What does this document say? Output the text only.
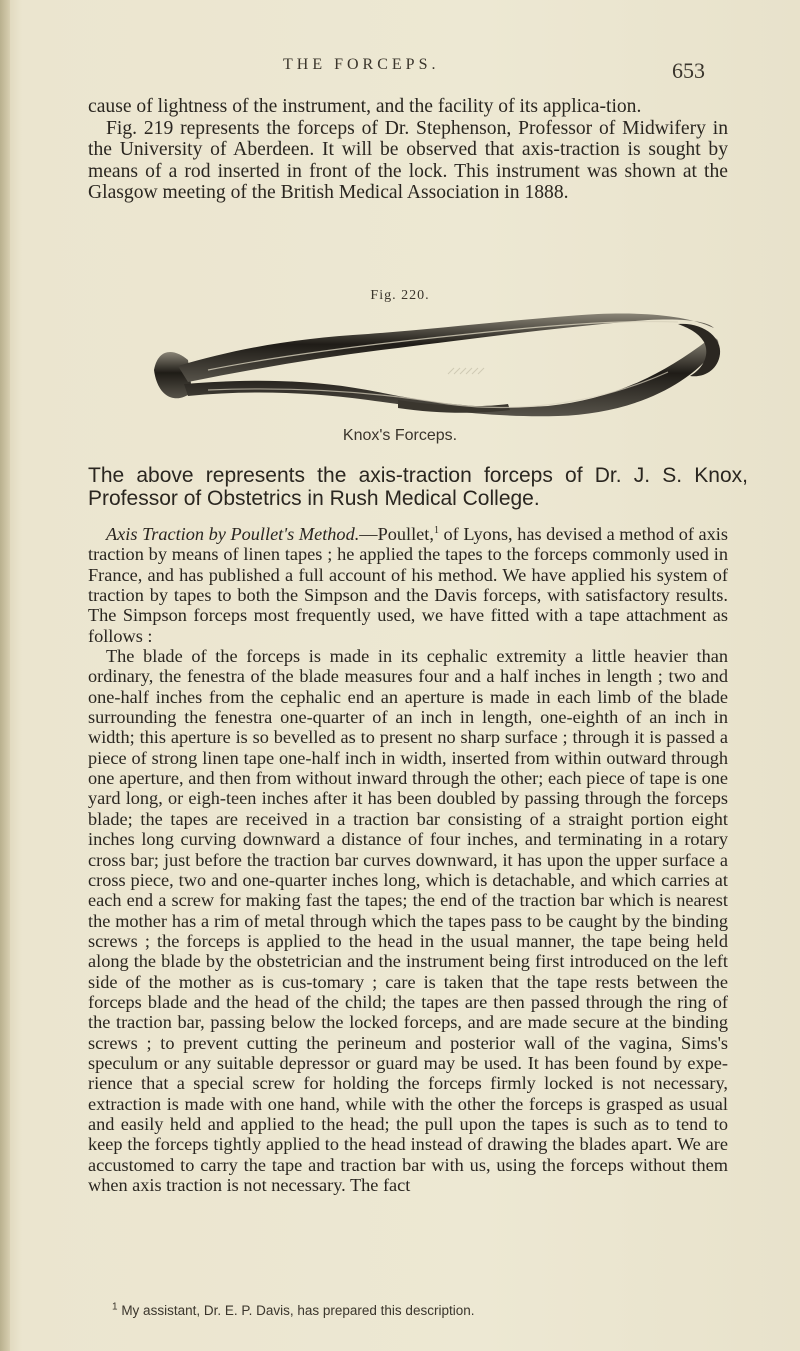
THE FORCEPS.	653

cause of lightness of the instrument, and the facility of its applica-tion.

Fig. 219 represents the forceps of Dr. Stephenson, Professor of Midwifery in the University of Aberdeen. It will be observed that axis-traction is sought by means of a rod inserted in front of the lock. This instrument was shown at the Glasgow meeting of the British Medical Association in 1888.

Fig. 220.
Knox's Forceps.
The above represents the axis-traction forceps of Dr. J. S. Knox, Professor of Obstetrics in Rush Medical College.

Axis Traction by Poullet's Method.—Poullet,$^1$ of Lyons, has devised a method of axis traction by means of linen tapes ; he applied the tapes to the forceps commonly used in France, and has published a full account of his method. We have applied his system of traction by tapes to both the Simpson and the Davis forceps, with satisfactory results. The Simpson forceps most frequently used, we have fitted with a tape attachment as follows :

The blade of the forceps is made in its cephalic extremity a little heavier than ordinary, the fenestra of the blade measures four and a half inches in length ; two and one-half inches from the cephalic end an aperture is made in each limb of the blade surrounding the fenestra one-quarter of an inch in length, one-eighth of an inch in width; this aperture is so bevelled as to present no sharp surface ; through it is passed a piece of strong linen tape one-half inch in width, inserted from within outward through one aperture, and then from without inward through the other; each piece of tape is one yard long, or eigh-teen inches after it has been doubled by passing through the forceps blade; the tapes are received in a traction bar consisting of a straight portion eight inches long curving downward a distance of four inches, and terminating in a rotary cross bar; just before the traction bar curves downward, it has upon the upper surface a cross piece, two and one-quarter inches long, which is detachable, and which carries at each end a screw for making fast the tapes; the end of the traction bar which is nearest the mother has a rim of metal through which the tapes pass to be caught by the binding screws ; the forceps is applied to the head in the usual manner, the tape being held along the blade by the obstetrician and the instrument being first introduced on the left side of the mother as is cus-tomary ; care is taken that the tape rests between the forceps blade and the head of the child; the tapes are then passed through the ring of the traction bar, passing below the locked forceps, and are made secure at the binding screws ; to prevent cutting the perineum and posterior wall of the vagina, Sims's speculum or any suitable depressor or guard may be used. It has been found by expe-rience that a special screw for holding the forceps firmly locked is not necessary, extraction is made with one hand, while with the other the forceps is grasped as usual and easily held and applied to the head; the pull upon the tapes is such as to tend to keep the forceps tightly applied to the head instead of drawing the blades apart. We are accustomed to carry the tape and traction bar with us, using the forceps without them when axis traction is not necessary. The fact

$^1$ My assistant, Dr. E. P. Davis, has prepared this description.
